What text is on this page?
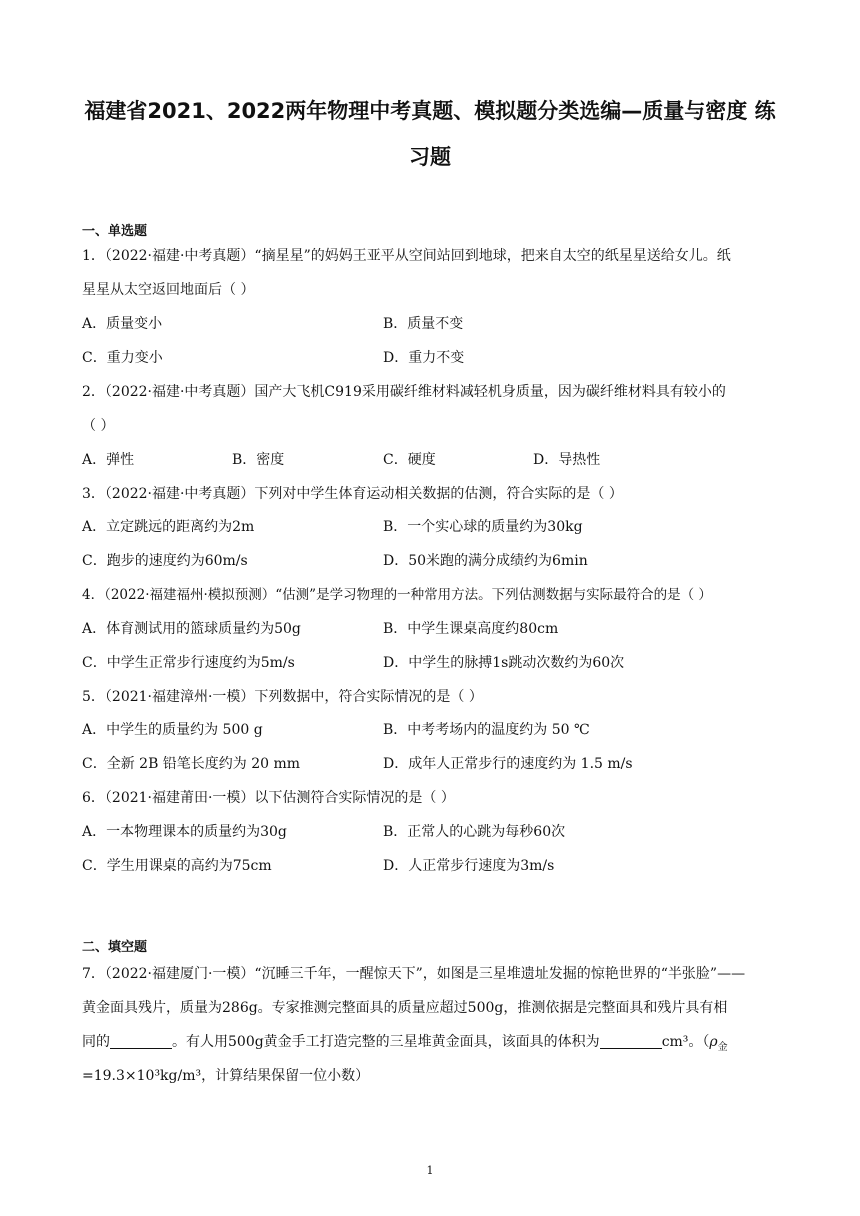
福建省2021、2022两年物理中考真题、模拟题分类选编—质量与密度 练
习题
一、单选题
1．（2022·福建·中考真题）“摘星星”的妈妈王亚平从空间站回到地球，把来自太空的纸星星送给女儿。纸
星星从太空返回地面后（ ）
A．质量变小	B．质量不变
C．重力变小	D．重力不变
2．（2022·福建·中考真题）国产大飞机C919采用碳纤维材料减轻机身质量，因为碳纤维材料具有较小的
（ ）
A．弹性	B．密度	C．硬度	D．导热性
3．（2022·福建·中考真题）下列对中学生体育运动相关数据的估测，符合实际的是（ ）
A．立定跳远的距离约为2m	B．一个实心球的质量约为30kg
C．跑步的速度约为60m/s	D．50米跑的满分成绩约为6min
4．（2022·福建福州·模拟预测）“估测”是学习物理的一种常用方法。下列估测数据与实际最符合的是（ ）
A．体育测试用的篮球质量约为50g	B．中学生课桌高度约80cm
C．中学生正常步行速度约为5m/s	D．中学生的脉搏1s跳动次数约为60次
5．（2021·福建漳州·一模）下列数据中，符合实际情况的是（ ）
A．中学生的质量约为 500 g	B．中考考场内的温度约为 50 ℃
C．全新 2B 铅笔长度约为 20 mm	D．成年人正常步行的速度约为 1.5 m/s
6．（2021·福建莆田·一模）以下估测符合实际情况的是（ ）
A．一本物理课本的质量约为30g	B．正常人的心跳为每秒60次
C．学生用课桌的高约为75cm	D．人正常步行速度为3m/s
二、填空题
7．（2022·福建厦门·一模）“沉睡三千年，一醒惊天下”，如图是三星堆遗址发掘的惊艳世界的“半张脸”——
黄金面具残片，质量为286g。专家推测完整面具的质量应超过500g，推测依据是完整面具和残片具有相
同的	。有人用500g黄金手工打造完整的三星堆黄金面具，该面具的体积为	cm³。（$\rho_金$
=19.3×10³kg/m³，计算结果保留一位小数）
1
